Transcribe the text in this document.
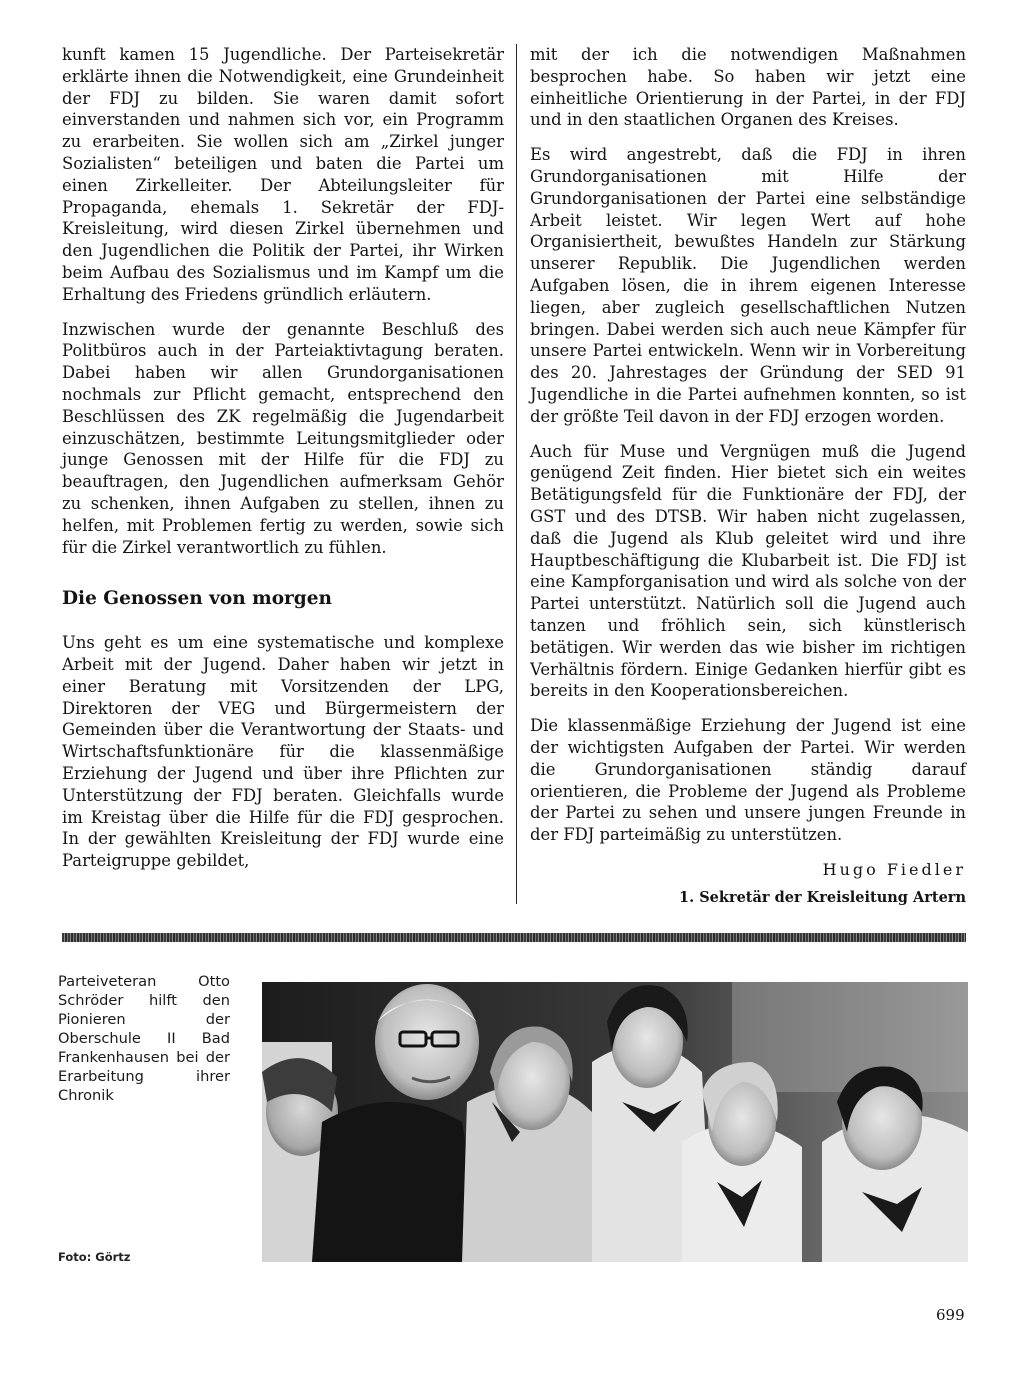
kunft kamen 15 Jugendliche. Der Parteisekretär erklärte ihnen die Notwendigkeit, eine Grundeinheit der FDJ zu bilden. Sie waren damit sofort einverstanden und nahmen sich vor, ein Programm zu erarbeiten. Sie wollen sich am „Zirkel junger Sozialisten“ beteiligen und baten die Partei um einen Zirkelleiter. Der Abteilungsleiter für Propaganda, ehemals 1. Sekretär der FDJ-Kreisleitung, wird diesen Zirkel übernehmen und den Jugendlichen die Politik der Partei, ihr Wirken beim Aufbau des Sozialismus und im Kampf um die Erhaltung des Friedens gründlich erläutern.

Inzwischen wurde der genannte Beschluß des Politbüros auch in der Parteiaktivtagung beraten. Dabei haben wir allen Grundorganisationen nochmals zur Pflicht gemacht, entsprechend den Beschlüssen des ZK regelmäßig die Jugendarbeit einzuschätzen, bestimmte Leitungsmitglieder oder junge Genossen mit der Hilfe für die FDJ zu beauftragen, den Jugendlichen aufmerksam Gehör zu schenken, ihnen Aufgaben zu stellen, ihnen zu helfen, mit Problemen fertig zu werden, sowie sich für die Zirkel verantwortlich zu fühlen.

Die Genossen von morgen

Uns geht es um eine systematische und komplexe Arbeit mit der Jugend. Daher haben wir jetzt in einer Beratung mit Vorsitzenden der LPG, Direktoren der VEG und Bürgermeistern der Gemeinden über die Verantwortung der Staats- und Wirtschaftsfunktionäre für die klassenmäßige Erziehung der Jugend und über ihre Pflichten zur Unterstützung der FDJ beraten. Gleichfalls wurde im Kreistag über die Hilfe für die FDJ gesprochen. In der gewählten Kreisleitung der FDJ wurde eine Parteigruppe gebildet,

mit der ich die notwendigen Maßnahmen besprochen habe. So haben wir jetzt eine einheitliche Orientierung in der Partei, in der FDJ und in den staatlichen Organen des Kreises.

Es wird angestrebt, daß die FDJ in ihren Grundorganisationen mit Hilfe der Grundorganisationen der Partei eine selbständige Arbeit leistet. Wir legen Wert auf hohe Organisiertheit, bewußtes Handeln zur Stärkung unserer Republik. Die Jugendlichen werden Aufgaben lösen, die in ihrem eigenen Interesse liegen, aber zugleich gesellschaftlichen Nutzen bringen. Dabei werden sich auch neue Kämpfer für unsere Partei entwickeln. Wenn wir in Vorbereitung des 20. Jahrestages der Gründung der SED 91 Jugendliche in die Partei aufnehmen konnten, so ist der größte Teil davon in der FDJ erzogen worden.

Auch für Muse und Vergnügen muß die Jugend genügend Zeit finden. Hier bietet sich ein weites Betätigungsfeld für die Funktionäre der FDJ, der GST und des DTSB. Wir haben nicht zugelassen, daß die Jugend als Klub geleitet wird und ihre Hauptbeschäftigung die Klubarbeit ist. Die FDJ ist eine Kampforganisation und wird als solche von der Partei unterstützt. Natürlich soll die Jugend auch tanzen und fröhlich sein, sich künstlerisch betätigen. Wir werden das wie bisher im richtigen Verhältnis fördern. Einige Gedanken hierfür gibt es bereits in den Kooperationsbereichen.

Die klassenmäßige Erziehung der Jugend ist eine der wichtigsten Aufgaben der Partei. Wir werden die Grundorganisationen ständig darauf orientieren, die Probleme der Jugend als Probleme der Partei zu sehen und unsere jungen Freunde in der FDJ parteimäßig zu unterstützen.

Hugo Fiedler
1. Sekretär der Kreisleitung Artern
Parteiveteran Otto Schröder hilft den Pionieren der Oberschule II Bad Frankenhausen bei der Erarbeitung ihrer Chronik
Foto: Görtz
699
